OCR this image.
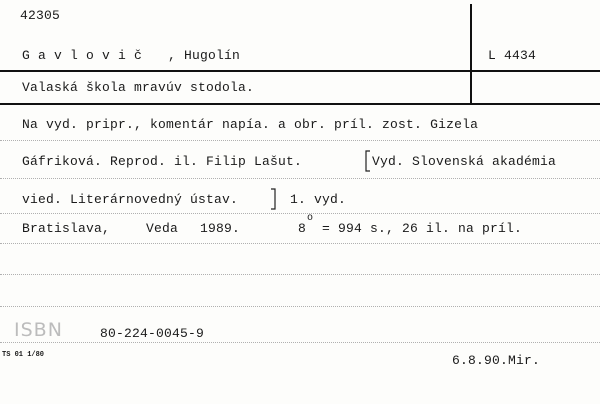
42305
G a v l o v i č , Hugolín	L 4434
Valaská škola mravúv stodola.
Na vyd. pripr., komentár napía. a obr. príl. zost. Gizela
Gáfriková. Reprod. il. Filip Lašut.	Vyd. Slovenská akadémia
vied. Literárnovedný ústav.	1. vyd.
Bratislava,	Veda 1989.	8
o
= 994 s., 26 il. na príl.
ISBN	80-224-0045-9
TS 01 1/80	6.8.90.Mir.
